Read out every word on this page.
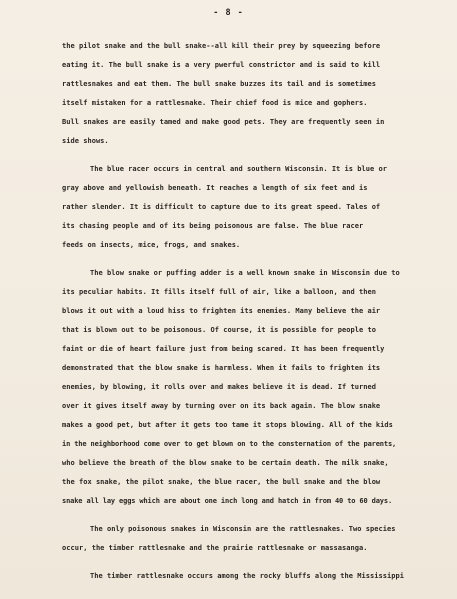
- 8 -
the pilot snake and the bull snake--all kill their prey by squeezing before
eating it. The bull snake is a very pwerful constrictor and is said to kill
rattlesnakes and eat them. The bull snake buzzes its tail and is sometimes
itself mistaken for a rattlesnake. Their chief food is mice and gophers.
Bull snakes are easily tamed and make good pets. They are frequently seen in
side shows.
The blue racer occurs in central and southern Wisconsin. It is blue or
gray above and yellowish beneath. It reaches a length of six feet and is
rather slender. It is difficult to capture due to its great speed. Tales of
its chasing people and of its being poisonous are false. The blue racer
feeds on insects, mice, frogs, and snakes.
The blow snake or puffing adder is a well known snake in Wisconsin due to
its peculiar habits. It fills itself full of air, like a balloon, and then
blows it out with a loud hiss to frighten its enemies. Many believe the air
that is blown out to be poisonous. Of course, it is possible for people to
faint or die of heart failure just from being scared. It has been frequently
demonstrated that the blow snake is harmless. When it fails to frighten its
enemies, by blowing, it rolls over and makes believe it is dead. If turned
over it gives itself away by turning over on its back again. The blow snake
makes a good pet, but after it gets too tame it stops blowing. All of the kids
in the neighborhood come over to get blown on to the consternation of the parents,
who believe the breath of the blow snake to be certain death. The milk snake,
the fox snake, the pilot snake, the blue racer, the bull snake and the blow
snake all lay eggs which are about one inch long and hatch in from 40 to 60 days.
The only poisonous snakes in Wisconsin are the rattlesnakes. Two species
occur, the timber rattlesnake and the prairie rattlesnake or massasanga.
The timber rattlesnake occurs among the rocky bluffs along the Mississippi
